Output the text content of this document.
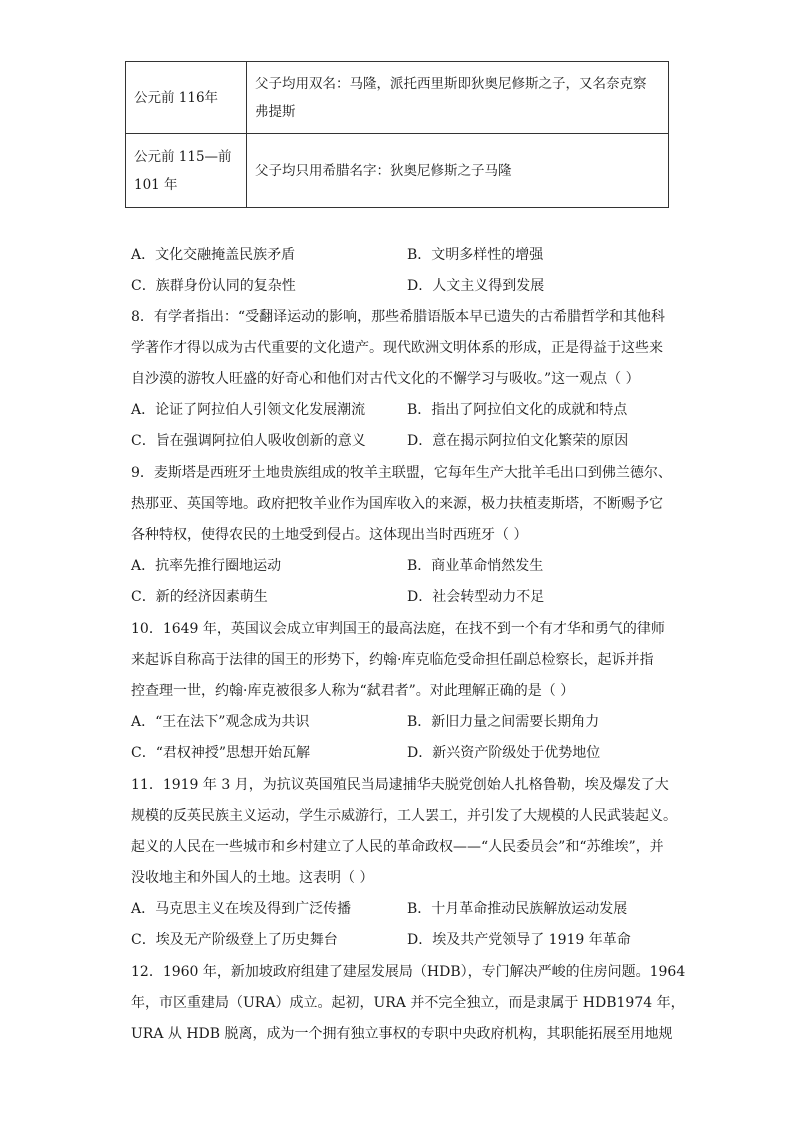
公元前 116年	父子均用双名：马隆，派托西里斯即狄奥尼修斯之子，又名奈克察
弗提斯

公元前 115—前
101 年	父子均只用希腊名字：狄奥尼修斯之子马隆
A．文化交融掩盖民族矛盾	B．文明多样性的增强
C．族群身份认同的复杂性	D．人文主义得到发展
8．有学者指出：“受翻译运动的影响，那些希腊语版本早已遗失的古希腊哲学和其他科
学著作才得以成为古代重要的文化遗产。现代欧洲文明体系的形成，正是得益于这些来
自沙漠的游牧人旺盛的好奇心和他们对古代文化的不懈学习与吸收。”这一观点（ ）
A．论证了阿拉伯人引领文化发展潮流	B．指出了阿拉伯文化的成就和特点
C．旨在强调阿拉伯人吸收创新的意义	D．意在揭示阿拉伯文化繁荣的原因
9．麦斯塔是西班牙土地贵族组成的牧羊主联盟，它每年生产大批羊毛出口到佛兰德尔、
热那亚、英国等地。政府把牧羊业作为国库收入的来源，极力扶植麦斯塔，不断赐予它
各种特权，使得农民的土地受到侵占。这体现出当时西班牙（ ）
A．抗率先推行圈地运动	B．商业革命悄然发生
C．新的经济因素萌生	D．社会转型动力不足
10．1649 年，英国议会成立审判国王的最高法庭，在找不到一个有才华和勇气的律师
来起诉自称高于法律的国王的形势下，约翰·库克临危受命担任副总检察长，起诉并指
控查理一世，约翰·库克被很多人称为“弑君者”。对此理解正确的是（ ）
A．“王在法下”观念成为共识	B．新旧力量之间需要长期角力
C．“君权神授”思想开始瓦解	D．新兴资产阶级处于优势地位
11．1919 年 3 月，为抗议英国殖民当局逮捕华夫脱党创始人扎格鲁勒，埃及爆发了大
规模的反英民族主义运动，学生示威游行，工人罢工，并引发了大规模的人民武装起义。
起义的人民在一些城市和乡村建立了人民的革命政权——“人民委员会”和“苏维埃”，并
没收地主和外国人的土地。这表明（ ）
A．马克思主义在埃及得到广泛传播	B．十月革命推动民族解放运动发展
C．埃及无产阶级登上了历史舞台	D．埃及共产党领导了 1919 年革命
12．1960 年，新加坡政府组建了建屋发展局（HDB），专门解决严峻的住房问题。1964
年，市区重建局（URA）成立。起初，URA 并不完全独立，而是隶属于 HDB1974 年，
URA 从 HDB 脱离，成为一个拥有独立事权的专职中央政府机构，其职能拓展至用地规
